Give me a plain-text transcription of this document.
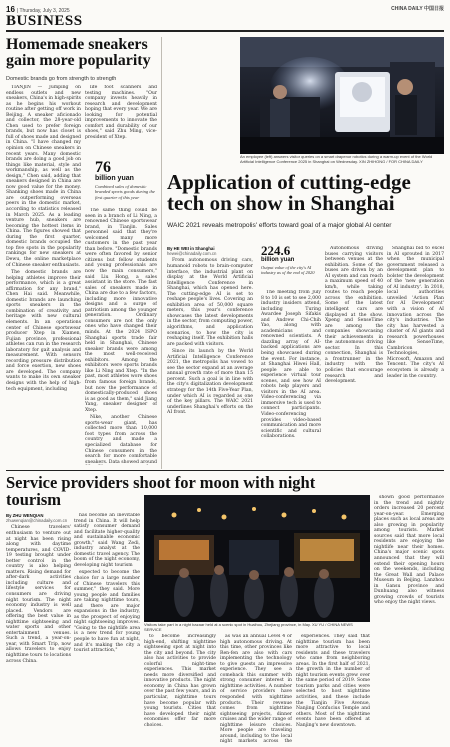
16 | Thursday, July 3, 2025	CHINA DAILY 中国日报
BUSINESS
Homemade sneakers gain more popularity
Domestic brands go from strength to strength

TIANJIN — Jumping on endless outlets and new sneakers, China's in high-spirits as he begins his workout routine after getting off work in Beijing. A sneaker aficionado and collector, the 28-year-old Chen used to prefer foreign brands, but now has closet is full of shoes made and designed in China. "I have changed my opinion on Chinese sneakers in recent years. Many domestic brands are doing a good job on things like material, style and workmanship, as well as the design," Chen said, adding that sneakers designed in China are now good value for the money. Shanking shoes made in China are outperforming overseas peers in the domestic market, according to statistics released in March 2025. As a leading venture hub, sneakers are becoming the hottest items in China. The figures showed that during the first quarter, domestic brands occupied the top five spots in the popularity rankings for new sneakers at Dewu, the online marketplace of Chinese sneaker enthusiasts.

The domestic brands are helping athletes improve their performance, which is a great affirmation for any brand," Chen Hai said. Meanwhile, domestic brands are launching sports sneakers in the combination of creativity and heritage with new cultural elements. In an operations center of Chinese sportswear producer Xtep in Xiamen, Fujian province, professional athletes can run in the research laboratory for gait analysis and measurement. With sensors recording pressure distribution and force exertion, new shoes are developed. The company wants to make its own sneaker designs with the help of high-tech equipment, including

life foot scanners and testing machines. "Our company invests heavily in research and development hoping that every year. We are looking for potential improvements to innovate the comfort and durability of our shoes," said Zhu Ming, vice-president of Xtep.

76
billion yuan
Combined sales of domestic branded sports goods during the first quarter of this year

The same thing could be seen in a branch of Li Ning, a renowned Chinese sportswear brand, in Tianjin. Sales personnel said that they're welcomed many more customers in the past year than before. "Domestic brands were often favored by senior citizens but fellow students and young professionals are now the main consumers," said Liu Hong, a sales assistant in the store. The fast sales of sneakers made in China are due to a few factors, including more innovative designs and a surge of patriotism among the younger generation. Ordinary consumers are not the only ones who have changed their minds. At the 2024 ISPO Shanghai sports trade fair held in Shanghai, Chinese sneaker brands were among the most well-received exhibitors. Among the exhibitors were sports brands like Li Ning and Xtep. "In the past, most athletes wore shoes from famous foreign brands, but now the performance of domestically-produced shoes is as good as them," said Jiang Yang, sneaker designer of Xtep.

Nike, another Chinese sports-wear giant, has collected more than 10,000 foot types from across the country and made a specialized database for Chinese consumers in the search for more comfortable sneakers. Data showed around

An employee (left) answers visitor queries on a smart drapenor robotics during a warm-up event of the World Artificial Intelligence Conference 2025 in Shanghai on Wednesday. XIN ZHIHONG / FOR CHINA DAILY
Application of cutting-edge tech on show in Shanghai
WAIC 2021 reveals metropolis' efforts toward goal of a major global AI center
By HE WEI in Shanghai
hewei@chinadaily.com.cn

From autonomous driving cars, humanoid robots to brain-computer interface, the industrial plant on display at the World Artificial Intelligence Conference in Shanghai, which has opened here. The cutting-edge AI is set to reshape people's lives. Covering an exhibition area of 50,000 square meters, this year's conference showcases the latest developments in the sector, from computing power, algorithms, and application scenarios, to how the city is reshaping itself. The exhibition halls are packed with visitors.

Since its launch by the World Artificial Intelligence Conference 2021, the metropolis has vowed to see the sector expand at an average annual growth rate of more than 15 percent. Such a goal is in line with the city's digitalization development strategy for the 14th Five-Year Plan, under which AI is regarded as one of the key pillars. The WAIC 2021 underlines Shanghai's efforts on the AI front.

224.6
billion yuan
Output value of the city's AI industry as of the end of 2020

The meeting from July 8 to 10 is set to see 2,000 industry insiders attend, including Turing Awardee Joseph Sifakis and Andrew Chi-Chih Yao, along with academicians and renowned scientists. A dazzling array of AI-backed applications are being showcased during the event. For instance, at Shanghai Hiwei Hall, people are able to experience virtual tour scenes, and see how AI robots help players and visitors in the AI area. Video-conferencing via immersive tech is used to connect participants. Video-conferencing provides video-based communication and more scientific and cultural collaborations.

Autonomous driving buses carrying visitors between venues at the exhibition. Some of the buses are driven by an AI system and can reach a maximum speed of 40 km/h, while taking routes to reach people across the exhibition. Some of the latest intelligent cars are displayed at the show. Xpeng and SenseTime are among the companies showcasing their achievements in the autonomous driving sector. In this connection, Shanghai is a frontrunner in the industry with the policies that encourage research and development.

Shanghai bid to excel in AI sprouted in 2017 when the municipal government released a development plan to bolster the development of the 'new generation of AI industry'. In 2018, local authorities unveiled 'Action Plan for AI Development' with a vision of AI innovation across the city's industries. The city has harvested a cluster of AI giants and research powerhouses like SenseTime, Cambricon Technologies, Microsoft, Amazon and Tencent. The city's AI ecosystem is already a leader in the country.

Service providers shoot for moon with night tourism
By ZHU WENQIAN
zhuwenqian@chinadaily.com.cn

Chinese travelers' enthusiasm to venture out at night has been rising along with daytime temperatures, and COVID-19 testing brought under better control in the country is also helping matters. Rising demand for after-dark activities including culture and lifestyle services for consumers are driving night tourism. The night economy industry is well placed. Vendors are offering the best value in nighttime sightseeing and water sports and other entertainment venues. Such a trend, a year-on-year, with Smart Trip, now allows travelers to enjoy nighttime tours to locations across China.

has become an inevitable trend in China. It will help satisfy consumer demand and facilitate higher-quality and sustainable economic growth," said Wang Zedi, industry analyst at the domestic travel agency. The boom of the night economy, developing night tourism

expected to become the choice for a large number of Chinese travelers this summer," they said. More young people and families are taking nighttime tours, and there are major expansions in the industry, as the prospect of enjoying night sightseeing improves. "Going to the nightlife area is a new trend for young people to have fun at night, and it's making the city a tourist attraction,"

Visitors take part in a night bazaar held at a scenic spot in Huaihou, Zhejiang province, in May. XU YU / CHINA NEWS SERVICE

to become increasingly high-end, shifting nighttime sightseeing spot at night into the city and beyond. The city also has activities to provide colorful night-time experiences. This market needs more diversified and innovative products. The night economy in China has grown over the past few years, and in particular, nighttime tours have become popular with young tourists. Cities that have developed their night economies offer far more choices.

as was an annual Level 4 or high autonomous driving. At this time, other provinces like Ren-fen are also with cars implementing the technology to give guests an impressive experience. They see a comeback this summer with strong consumer interest in nighttime activities. A number of service providers have responded with nighttime products. Their revenue comes from nighttime sightseeing projects, dinner cruises and the wider range of nighttime leisure choices. More people are traveling around, including to the local night markets across the

experiences. They said that nighttime tourism has been more attractive to local residents and these travelers who came from neighboring areas. In the first half of 2021, the growth in the number of night tourism events grew over the same period of 2019. Some tourism parks and cities were selected to host nighttime activities, and these include the Tianjin Five Avenue, Nanjing Confucius Temple and others. Most of the nighttime events have been offered at Nanjing's new downtown.

shown good performance in the trend and nightly orders increased 20 percent year-on-year. Emerging places such as local areas are also growing in popularity among tourists. Market sources said that more local residents are enjoying the nightlife near their homes. China's major scenic spots announced that they will extend their opening hours on the weekends, including the Great Wall and Palace Museum in Beijing. Lanzhou in Gansu province and Dunhuang also witness growing crowds of tourists who enjoy the night views.
